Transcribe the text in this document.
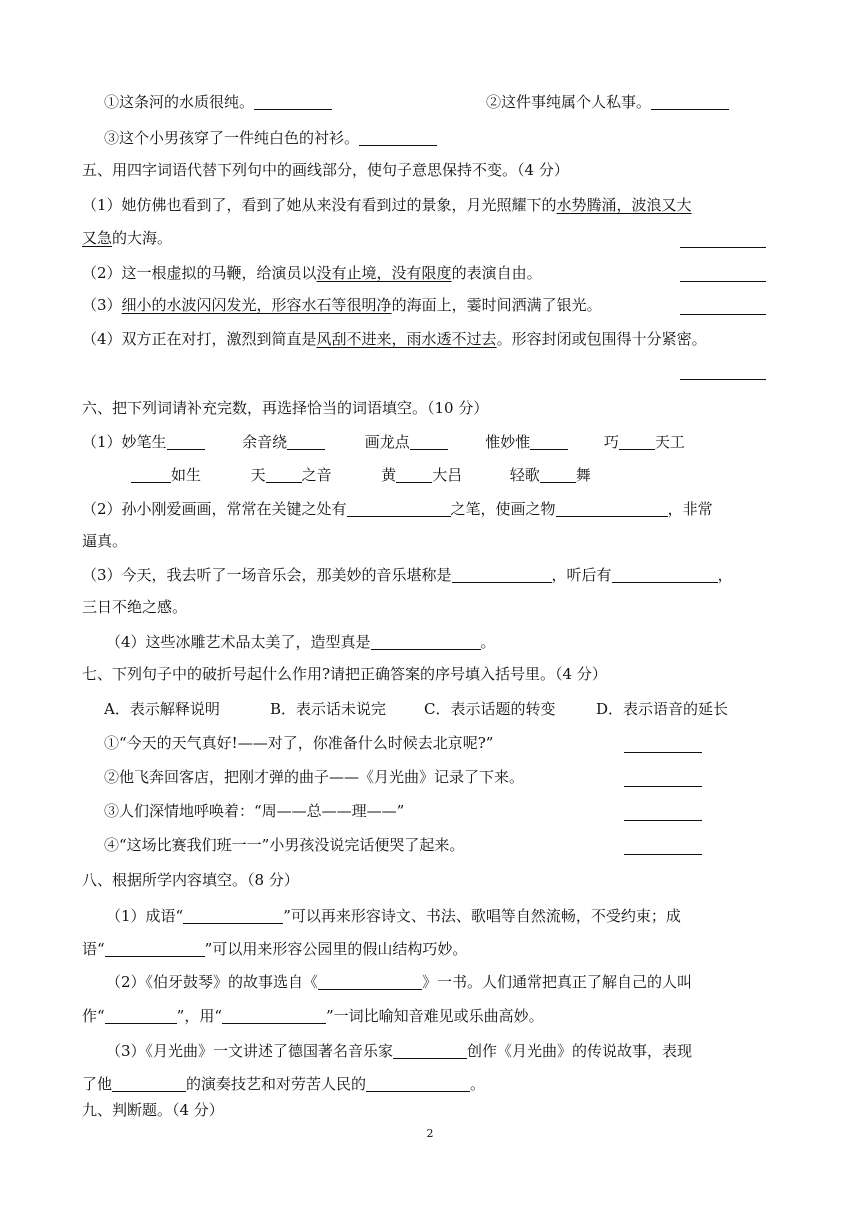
①这条河的水质很纯。	②这件事纯属个人私事。
③这个小男孩穿了一件纯白色的衬衫。
五、用四字词语代替下列句中的画线部分，使句子意思保持不变。（4 分）
（1）她仿佛也看到了，看到了她从来没有看到过的景象，月光照耀下的水势腾涌，波浪又大
又急的大海。
（2）这一根虚拟的马鞭，给演员以没有止境，没有限度的表演自由。
（3）细小的水波闪闪发光，形容水石等很明净的海面上，霎时间洒满了银光。
（4）双方正在对打，激烈到简直是风刮不进来，雨水透不过去。形容封闭或包围得十分紧密。
六、把下列词请补充完数，再选择恰当的词语填空。（10 分）
（1）妙笔生	余音绕	画龙点	惟妙惟	巧 天工
如生	天 之音	黄 大吕	轻歌 舞
（2）孙小刚爱画画，常常在关键之处有	之笔，使画之物	，非常
逼真。
（3）今天，我去听了一场音乐会，那美妙的音乐堪称是	，听后有	，
三日不绝之感。
（4）这些冰雕艺术品太美了，造型真是	。
七、下列句子中的破折号起什么作用?请把正确答案的序号填入括号里。（4 分）
A．表示解释说明	B．表示话未说完	C．表示话题的转变	D．表示语音的延长
①“今天的天气真好!——对了，你准备什么时候去北京呢?”
②他飞奔回客店，把刚才弹的曲子——《月光曲》记录了下来。
③人们深情地呼唤着：“周——总——理——”
④“这场比赛我们班一一”小男孩没说完话便哭了起来。
八、根据所学内容填空。（8 分）
（1）成语“	”可以再来形容诗文、书法、歌唱等自然流畅，不受约束；成
语“	”可以用来形容公园里的假山结构巧妙。
（2）《伯牙鼓琴》的故事选自《	》一书。人们通常把真正了解自己的人叫
作“	”，用“	”一词比喻知音难见或乐曲高妙。
（3）《月光曲》一文讲述了德国著名音乐家	创作《月光曲》的传说故事，表现
了他	的演奏技艺和对劳苦人民的	。
九、判断题。（4 分）
2
